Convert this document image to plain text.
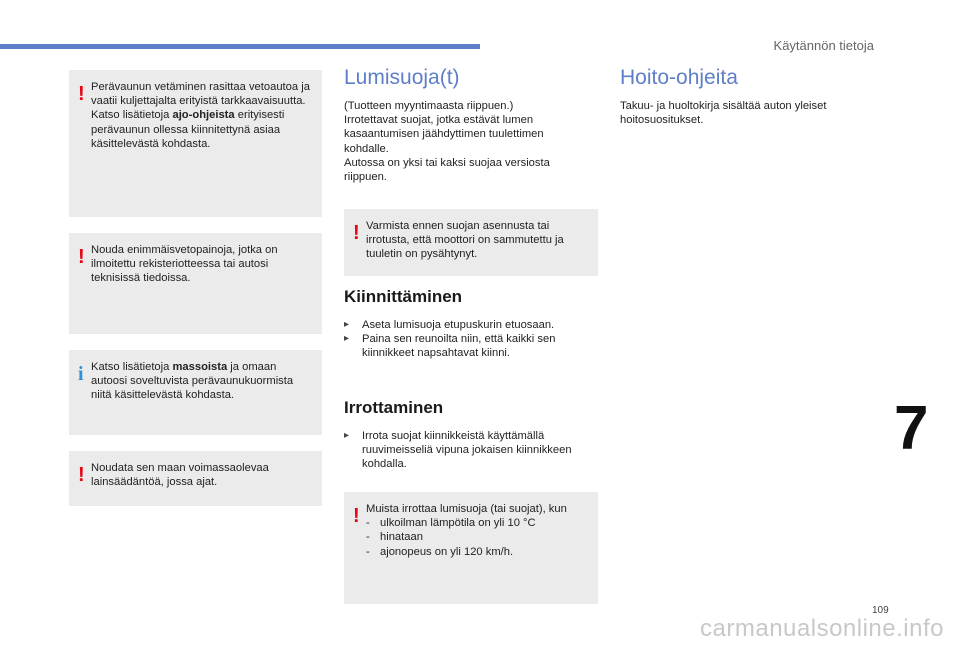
Käytännön tietoja
! Perävaunun vetäminen rasittaa vetoautoa ja vaatii kuljettajalta erityistä tarkkaavaisuutta.

Katso lisätietoja ajo-ohjeista erityisesti perävaunun ollessa kiinnitettynä asiaa käsittelevästä kohdasta.

! Nouda enimmäisvetopainoja, jotka on ilmoitettu rekisteriotteessa tai autosi teknisissä tiedoissa.

i Katso lisätietoja massoista ja omaan autoosi soveltuvista perävaunukuormista niitä käsittelevästä kohdasta.

! Noudata sen maan voimassaolevaa lainsäädäntöä, jossa ajat.

Lumisuoja(t)

(Tuotteen myyntimaasta riippuen.)

Irrotettavat suojat, jotka estävät lumen kasaantumisen jäähdyttimen tuulettimen kohdalle.

Autossa on yksi tai kaksi suojaa versiosta riippuen.

! Varmista ennen suojan asennusta tai irrotusta, että moottori on sammutettu ja tuuletin on pysähtynyt.

Kiinnittäminen
▸ Aseta lumisuoja etupuskurin etuosaan.
▸ Paina sen reunoilta niin, että kaikki sen kiinnikkeet napsahtavat kiinni.
Irrottaminen
▸ Irrota suojat kiinnikkeistä käyttämällä ruuvimeisseliä vipuna jokaisen kiinnikkeen kohdalla.
! Muista irrottaa lumisuoja (tai suojat), kun

- ulkoilman lämpötila on yli 10 °C
- hinataan
- ajonopeus on yli 120 km/h.
Hoito-ohjeita
Takuu- ja huoltokirja sisältää auton yleiset hoitosuositukset.
7
109
carmanualsonline.info
